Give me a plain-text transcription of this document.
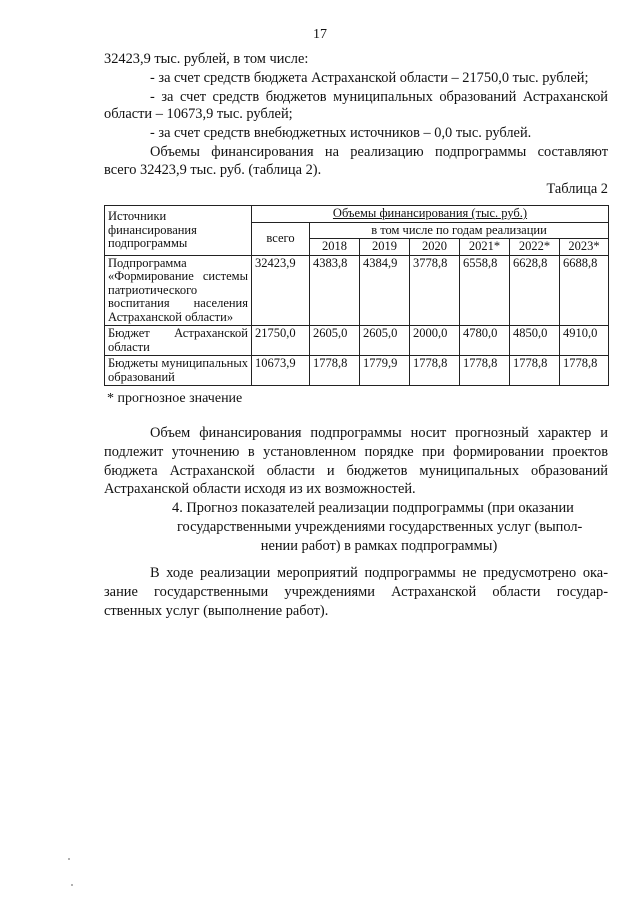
17
32423,9 тыс. рублей, в том числе:
- за счет средств бюджета Астраханской области – 21750,0 тыс. рублей;
- за счет средств бюджетов муниципальных образований Астраханской
области – 10673,9 тыс. рублей;
- за счет средств внебюджетных источников – 0,0 тыс. рублей.
Объемы финансирования на реализацию подпрограммы составляют
всего 32423,9 тыс. руб. (таблица 2).
Таблица 2
Источники финансирования подпрограммы	Объемы финансирования (тыс. руб.)						
	всего	в том числе по годам реализации					
		2018	2019	2020	2021*	2022*	2023*
Подпрограмма «Формирование системы патриотического воспитания населения Астраханской области»	32423,9	4383,8	4384,9	3778,8	6558,8	6628,8	6688,8
Бюджет Астраханской области	21750,0	2605,0	2605,0	2000,0	4780,0	4850,0	4910,0
Бюджеты муниципальных образований	10673,9	1778,8	1779,9	1778,8	1778,8	1778,8	1778,8
* прогнозное значение
Объем финансирования подпрограммы носит прогнозный характер и
подлежит уточнению в установленном порядке при формировании проектов
бюджета Астраханской области и бюджетов муниципальных образований
Астраханской области исходя из их возможностей.
4. Прогноз показателей реализации подпрограммы (при оказании
государственными учреждениями государственных услуг (выпол-
нении работ) в рамках подпрограммы)
В ходе реализации мероприятий подпрограммы не предусмотрено ока-
зание государственными учреждениями Астраханской области государ-
ственных услуг (выполнение работ).
